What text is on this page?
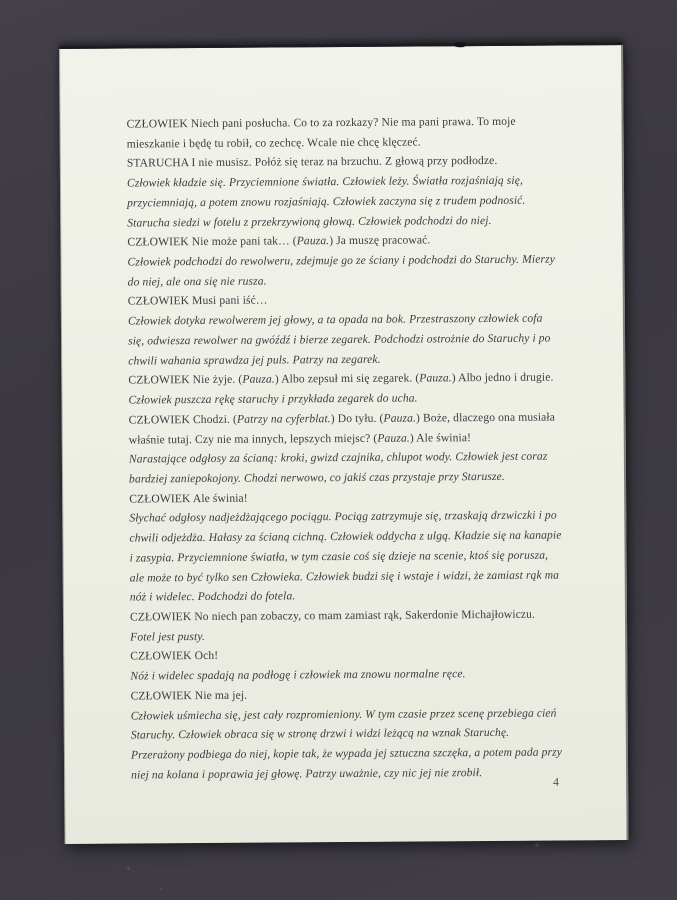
CZŁOWIEK Niech pani posłucha. Co to za rozkazy? Nie ma pani prawa. To moje
mieszkanie i będę tu robił, co zechcę. Wcale nie chcę klęczeć.
STARUCHA I nie musisz. Połóż się teraz na brzuchu. Z głową przy podłodze.
Człowiek kładzie się. Przyciemnione światła. Człowiek leży. Światła rozjaśniają się,
przyciemniają, a potem znowu rozjaśniają. Człowiek zaczyna się z trudem podnosić.
Starucha siedzi w fotelu z przekrzywioną głową. Człowiek podchodzi do niej.
CZŁOWIEK Nie może pani tak… (Pauza.) Ja muszę pracować.
Człowiek podchodzi do rewolweru, zdejmuje go ze ściany i podchodzi do Staruchy. Mierzy
do niej, ale ona się nie rusza.
CZŁOWIEK Musi pani iść…
Człowiek dotyka rewolwerem jej głowy, a ta opada na bok. Przestraszony człowiek cofa
się, odwiesza rewolwer na gwóźdź i bierze zegarek. Podchodzi ostrożnie do Staruchy i po
chwili wahania sprawdza jej puls. Patrzy na zegarek.
CZŁOWIEK Nie żyje. (Pauza.) Albo zepsuł mi się zegarek. (Pauza.) Albo jedno i drugie.
Człowiek puszcza rękę staruchy i przykłada zegarek do ucha.
CZŁOWIEK Chodzi. (Patrzy na cyferblat.) Do tyłu. (Pauza.) Boże, dlaczego ona musiała
właśnie tutaj. Czy nie ma innych, lepszych miejsc? (Pauza.) Ale świnia!
Narastające odgłosy za ścianą: kroki, gwizd czajnika, chlupot wody. Człowiek jest coraz
bardziej zaniepokojony. Chodzi nerwowo, co jakiś czas przystaje przy Starusze.
CZŁOWIEK Ale świnia!
Słychać odgłosy nadjeżdżającego pociągu. Pociąg zatrzymuje się, trzaskają drzwiczki i po
chwili odjeżdża. Hałasy za ścianą cichną. Człowiek oddycha z ulgą. Kładzie się na kanapie
i zasypia. Przyciemnione światła, w tym czasie coś się dzieje na scenie, ktoś się porusza,
ale może to być tylko sen Człowieka. Człowiek budzi się i wstaje i widzi, że zamiast rąk ma
nóż i widelec. Podchodzi do fotela.
CZŁOWIEK No niech pan zobaczy, co mam zamiast rąk, Sakerdonie Michajłowiczu.
Fotel jest pusty.
CZŁOWIEK Och!
Nóż i widelec spadają na podłogę i człowiek ma znowu normalne ręce.
CZŁOWIEK Nie ma jej.
Człowiek uśmiecha się, jest cały rozpromieniony. W tym czasie przez scenę przebiega cień
Staruchy. Człowiek obraca się w stronę drzwi i widzi leżącą na wznak Staruchę.
Przerażony podbiega do niej, kopie tak, że wypada jej sztuczna szczęka, a potem pada przy
niej na kolana i poprawia jej głowę. Patrzy uważnie, czy nic jej nie zrobił.
4
